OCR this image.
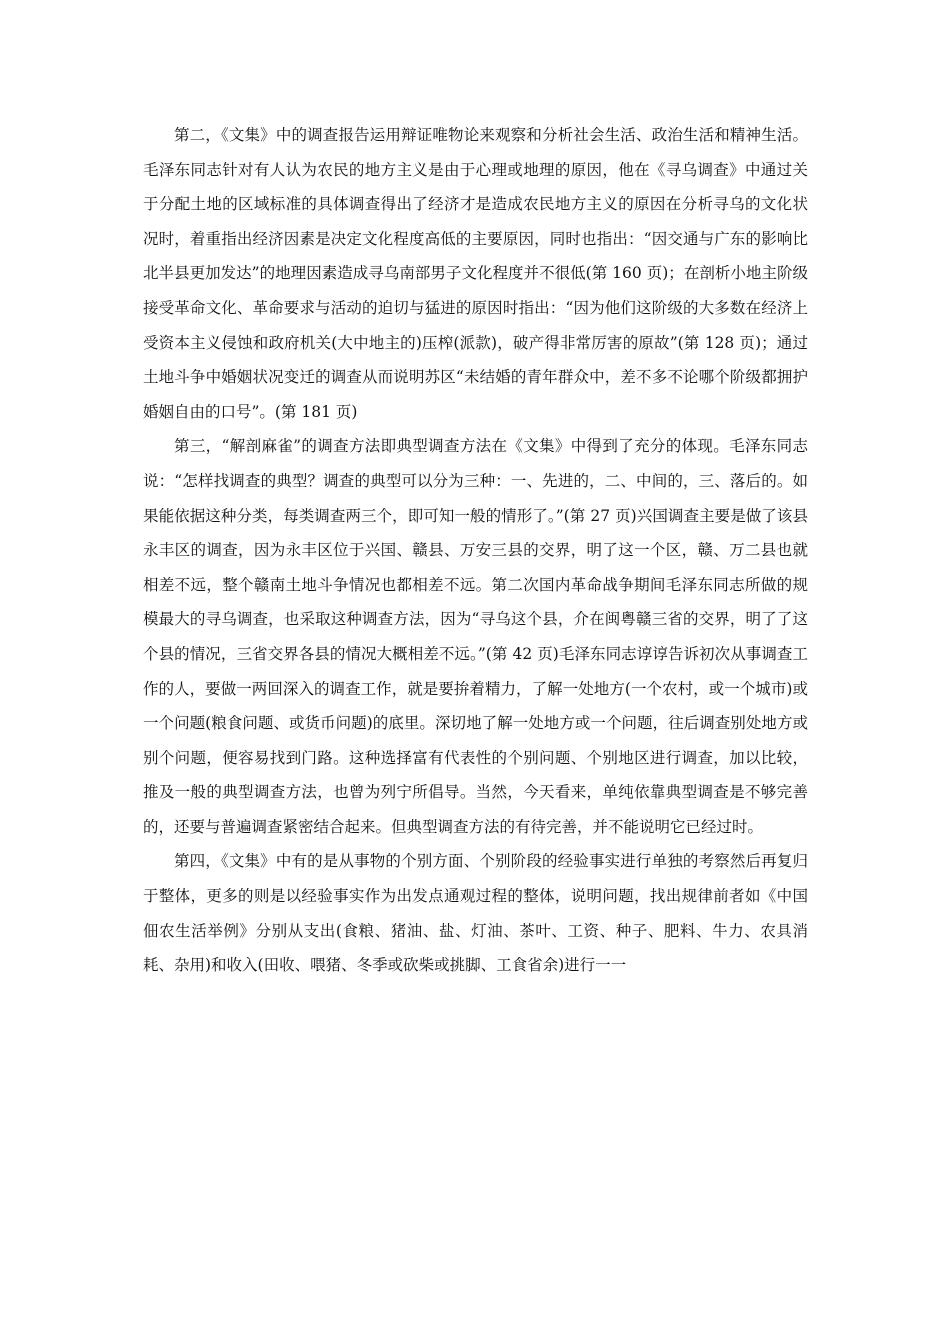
第二，《文集》中的调查报告运用辩证唯物论来观察和分析社会生活、政治生活和精神生活。毛泽东同志针对有人认为农民的地方主义是由于心理或地理的原因，他在《寻乌调查》中通过关于分配土地的区域标准的具体调查得出了经济才是造成农民地方主义的原因在分析寻乌的文化状况时，着重指出经济因素是决定文化程度高低的主要原因，同时也指出：“因交通与广东的影响比北半县更加发达”的地理因素造成寻乌南部男子文化程度并不很低(第 160 页)；在剖析小地主阶级接受革命文化、革命要求与活动的迫切与猛进的原因时指出：“因为他们这阶级的大多数在经济上受资本主义侵蚀和政府机关(大中地主的)压榨(派款)，破产得非常厉害的原故”(第 128 页)；通过土地斗争中婚姻状况变迁的调查从而说明苏区“未结婚的青年群众中，差不多不论哪个阶级都拥护婚姻自由的口号”。(第 181 页)

第三，“解剖麻雀”的调查方法即典型调查方法在《文集》中得到了充分的体现。毛泽东同志说：“怎样找调查的典型？调查的典型可以分为三种：一、先进的，二、中间的，三、落后的。如果能依据这种分类，每类调查两三个，即可知一般的情形了。”(第 27 页)兴国调查主要是做了该县永丰区的调查，因为永丰区位于兴国、赣县、万安三县的交界，明了这一个区，赣、万二县也就相差不远，整个赣南土地斗争情况也都相差不远。第二次国内革命战争期间毛泽东同志所做的规模最大的寻乌调查，也采取这种调查方法，因为“寻乌这个县，介在闽粤赣三省的交界，明了了这个县的情况，三省交界各县的情况大概相差不远。”(第 42 页)毛泽东同志谆谆告诉初次从事调查工作的人，要做一两回深入的调查工作，就是要拚着精力，了解一处地方(一个农村，或一个城市)或一个问题(粮食问题、或货币问题)的底里。深切地了解一处地方或一个问题，往后调查别处地方或别个问题，便容易找到门路。这种选择富有代表性的个别问题、个别地区进行调查，加以比较，推及一般的典型调查方法，也曾为列宁所倡导。当然，今天看来，单纯依靠典型调查是不够完善的，还要与普遍调查紧密结合起来。但典型调查方法的有待完善，并不能说明它已经过时。

第四，《文集》中有的是从事物的个别方面、个别阶段的经验事实进行单独的考察然后再复归于整体，更多的则是以经验事实作为出发点通观过程的整体，说明问题，找出规律前者如《中国佃农生活举例》分别从支出(食粮、猪油、盐、灯油、茶叶、工资、种子、肥料、牛力、农具消耗、杂用)和收入(田收、喂猪、冬季或砍柴或挑脚、工食省余)进行一一
